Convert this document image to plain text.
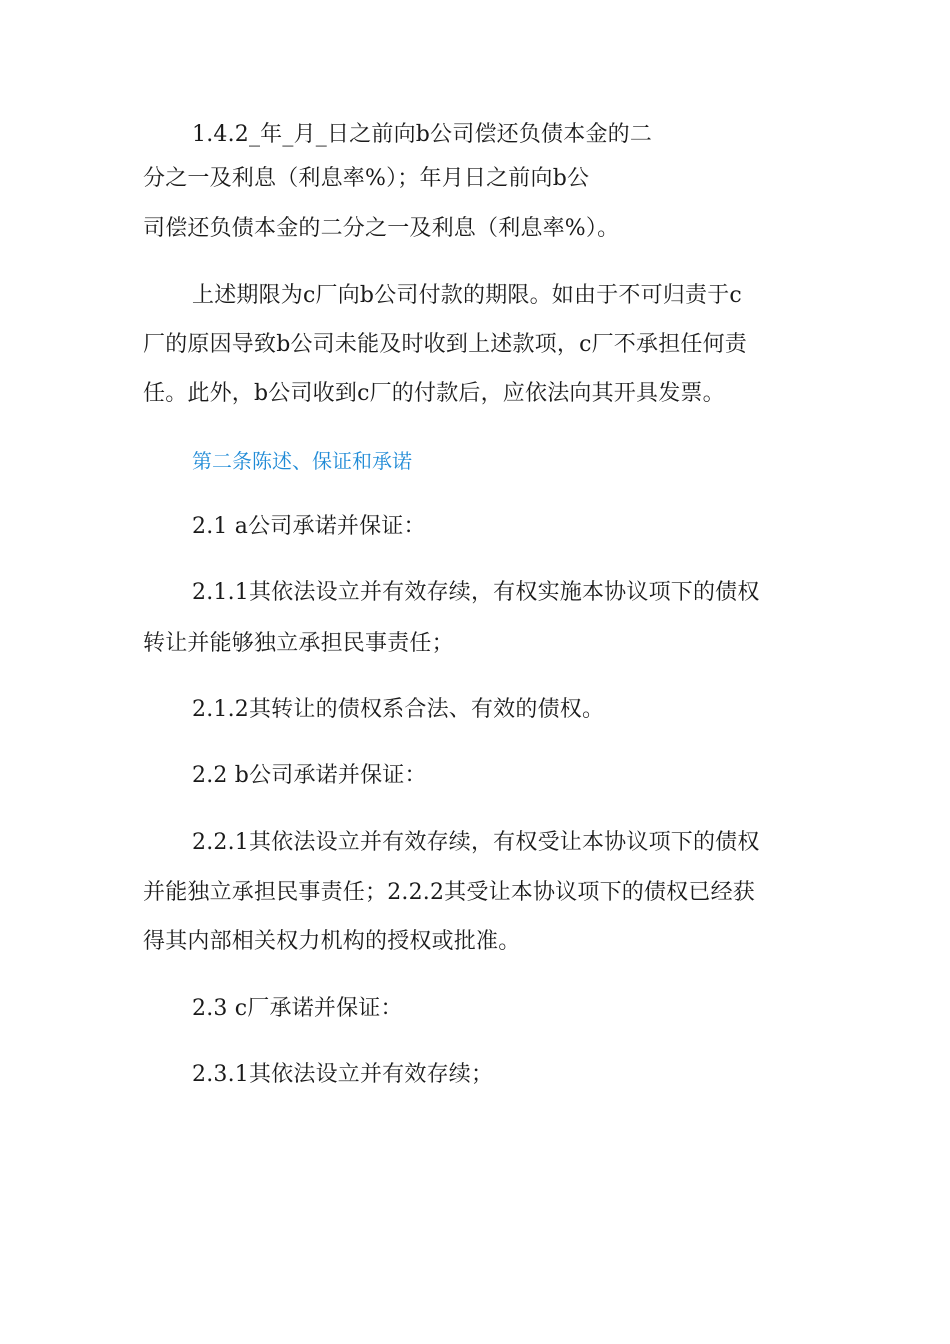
1.4.2_年_月_日之前向b公司偿还负债本金的二
分之一及利息（利息率%）；年月日之前向b公
司偿还负债本金的二分之一及利息（利息率%）。
上述期限为c厂向b公司付款的期限。如由于不可归责于c
厂的原因导致b公司未能及时收到上述款项，c厂不承担任何责
任。此外，b公司收到c厂的付款后，应依法向其开具发票。
第二条陈述、保证和承诺
2.1 a公司承诺并保证：
2.1.1其依法设立并有效存续，有权实施本协议项下的债权
转让并能够独立承担民事责任；
2.1.2其转让的债权系合法、有效的债权。
2.2 b公司承诺并保证：
2.2.1其依法设立并有效存续，有权受让本协议项下的债权
并能独立承担民事责任；2.2.2其受让本协议项下的债权已经获
得其内部相关权力机构的授权或批准。
2.3 c厂承诺并保证：
2.3.1其依法设立并有效存续；
